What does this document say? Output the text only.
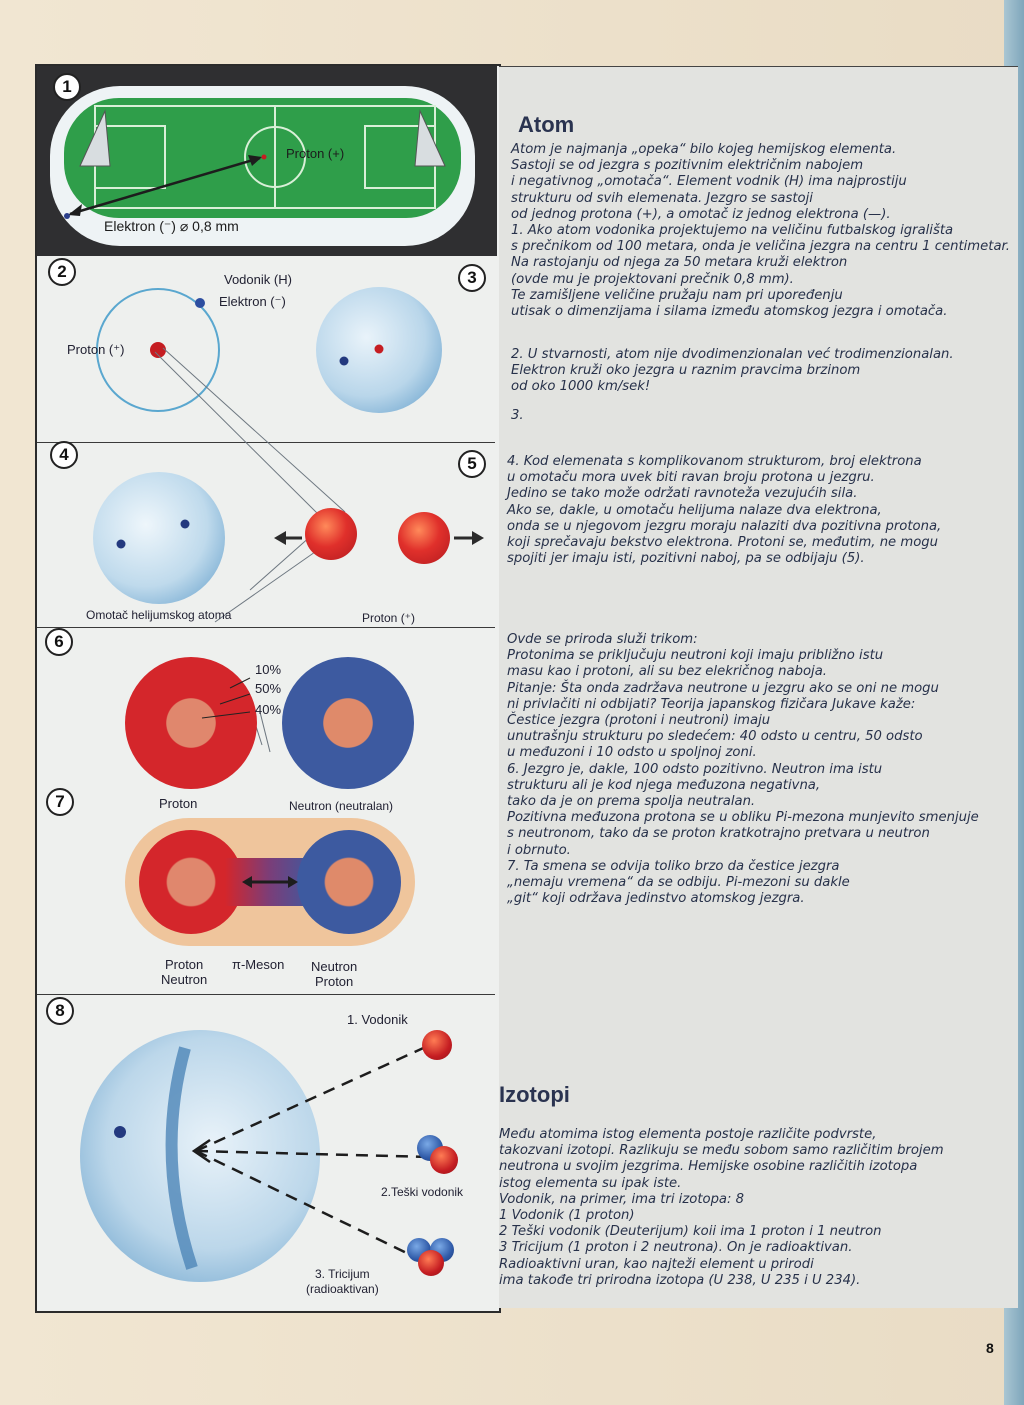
1
Proton (+)
Elektron (⁻) ⌀ 0,8 mm
2	Vodonik (H)
Elektron (⁻)
Proton (⁺)
3
4
Omotač helijumskog atoma
5
Proton (⁺)
6
10%
50%
40%
Proton	Neutron (neutralan)
7
Proton
Neutron
π-Meson Neutron
Proton
8	1. Vodonik
2.Teški vodonik
3. Tricijum
(radioaktivan)
Atom

Atom je najmanja „opeka“ bilo kojeg hemijskog elementa.
Sastoji se od jezgra s pozitivnim električnim nabojem
i negativnog „omotača“. Element vodnik (H) ima najprostiju
strukturu od svih elemenata. Jezgro se sastoji
od jednog protona (+), a omotač iz jednog elektrona (—).
1. Ako atom vodonika projektujemo na veličinu futbalskog igrališta
s prečnikom od 100 metara, onda je veličina jezgra na centru 1 centimetar.
Na rastojanju od njega za 50 metara kruži elektron
(ovde mu je projektovani prečnik 0,8 mm).
Te zamišljene veličine pružaju nam pri upoređenju
utisak o dimenzijama i silama između atomskog jezgra i omotača.

2. U stvarnosti, atom nije dvodimenzionalan već trodimenzionalan.
Elektron kruži oko jezgra u raznim pravcima brzinom
od oko 1000 km/sek!

3.

4. Kod elemenata s komplikovanom strukturom, broj elektrona
u omotaču mora uvek biti ravan broju protona u jezgru.
Jedino se tako može održati ravnoteža vezujućih sila.
Ako se, dakle, u omotaču helijuma nalaze dva elektrona,
onda se u njegovom jezgru moraju nalaziti dva pozitivna protona,
koji sprečavaju bekstvo elektrona. Protoni se, međutim, ne mogu
spojiti jer imaju isti, pozitivni naboj, pa se odbijaju (5).

Ovde se priroda služi trikom:
Protonima se priključuju neutroni koji imaju približno istu
masu kao i protoni, ali su bez elekričnog naboja.
Pitanje: Šta onda zadržava neutrone u jezgru ako se oni ne mogu
ni privlačiti ni odbijati? Teorija japanskog fizičara Jukave kaže:
Čestice jezgra (protoni i neutroni) imaju
unutrašnju strukturu po sledećem: 40 odsto u centru, 50 odsto
u međuzoni i 10 odsto u spoljnoj zoni.
6. Jezgro je, dakle, 100 odsto pozitivno. Neutron ima istu
strukturu ali je kod njega međuzona negativna,
tako da je on prema spolja neutralan.
Pozitivna međuzona protona se u obliku Pi-mezona munjevito smenjuje
s neutronom, tako da se proton kratkotrajno pretvara u neutron
i obrnuto.
7. Ta smena se odvija toliko brzo da čestice jezgra
„nemaju vremena“ da se odbiju. Pi-mezoni su dakle
„git“ koji održava jedinstvo atomskog jezgra.

Izotopi

Među atomima istog elementa postoje različite podvrste,
takozvani izotopi. Razlikuju se među sobom samo različitim brojem
neutrona u svojim jezgrima. Hemijske osobine različitih izotopa
istog elementa su ipak iste.
Vodonik, na primer, ima tri izotopa: 8
1 Vodonik (1 proton)
2 Teški vodonik (Deuterijum) koii ima 1 proton i 1 neutron
3 Tricijum (1 proton i 2 neutrona). On je radioaktivan.
Radioaktivni uran, kao najteži element u prirodi
ima takođe tri prirodna izotopa (U 238, U 235 i U 234).

8
